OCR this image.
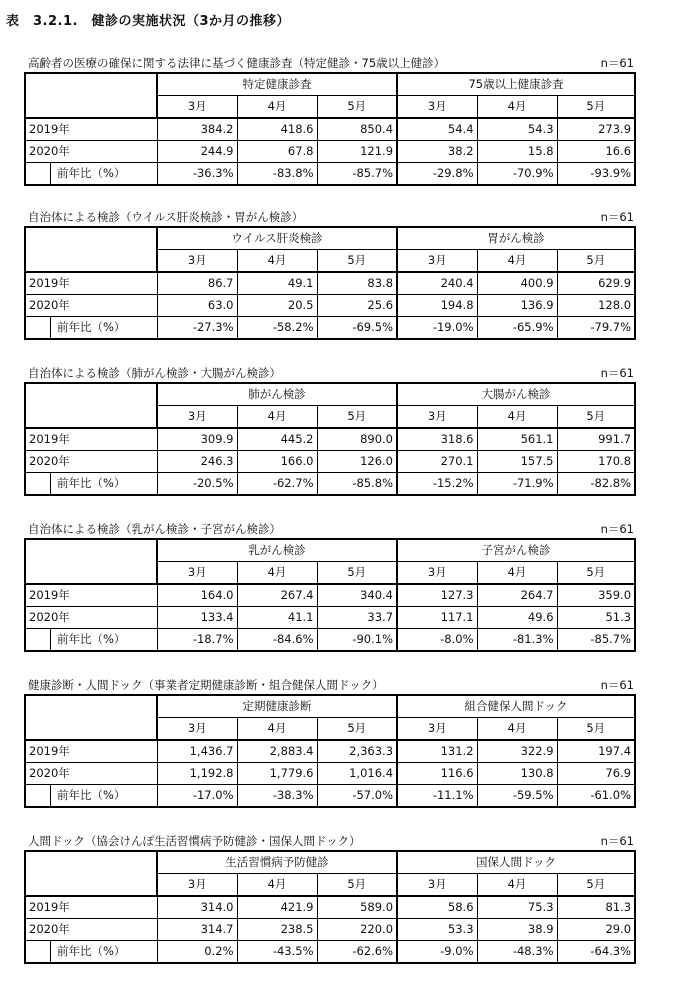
表　3.2.1.　健診の実施状況（3か月の推移）
高齢者の医療の確保に関する法律に基づく健康診査（特定健診・75歳以上健診）	n＝61
	特定健康診査			75歳以上健康診査		
	3月	4月	5月	3月	4月	5月
2019年	384.2	418.6	850.4	54.4	54.3	273.9
2020年	244.9	67.8	121.9	38.2	15.8	16.6
前年比（%）	-36.3%	-83.8%	-85.7%	-29.8%	-70.9%	-93.9%
自治体による検診（ウイルス肝炎検診・胃がん検診）	n＝61
	ウイルス肝炎検診			胃がん検診		
	3月	4月	5月	3月	4月	5月
2019年	86.7	49.1	83.8	240.4	400.9	629.9
2020年	63.0	20.5	25.6	194.8	136.9	128.0
前年比（%）	-27.3%	-58.2%	-69.5%	-19.0%	-65.9%	-79.7%
自治体による検診（肺がん検診・大腸がん検診）	n＝61
	肺がん検診			大腸がん検診		
	3月	4月	5月	3月	4月	5月
2019年	309.9	445.2	890.0	318.6	561.1	991.7
2020年	246.3	166.0	126.0	270.1	157.5	170.8
前年比（%）	-20.5%	-62.7%	-85.8%	-15.2%	-71.9%	-82.8%
自治体による検診（乳がん検診・子宮がん検診）	n＝61
	乳がん検診			子宮がん検診		
	3月	4月	5月	3月	4月	5月
2019年	164.0	267.4	340.4	127.3	264.7	359.0
2020年	133.4	41.1	33.7	117.1	49.6	51.3
前年比（%）	-18.7%	-84.6%	-90.1%	-8.0%	-81.3%	-85.7%
健康診断・人間ドック（事業者定期健康診断・組合健保人間ドック）	n＝61
	定期健康診断			組合健保人間ドック		
	3月	4月	5月	3月	4月	5月
2019年	1,436.7	2,883.4	2,363.3	131.2	322.9	197.4
2020年	1,192.8	1,779.6	1,016.4	116.6	130.8	76.9
前年比（%）	-17.0%	-38.3%	-57.0%	-11.1%	-59.5%	-61.0%
人間ドック（協会けんぽ生活習慣病予防健診・国保人間ドック）	n＝61
	生活習慣病予防健診			国保人間ドック		
	3月	4月	5月	3月	4月	5月
2019年	314.0	421.9	589.0	58.6	75.3	81.3
2020年	314.7	238.5	220.0	53.3	38.9	29.0
前年比（%）	0.2%	-43.5%	-62.6%	-9.0%	-48.3%	-64.3%
